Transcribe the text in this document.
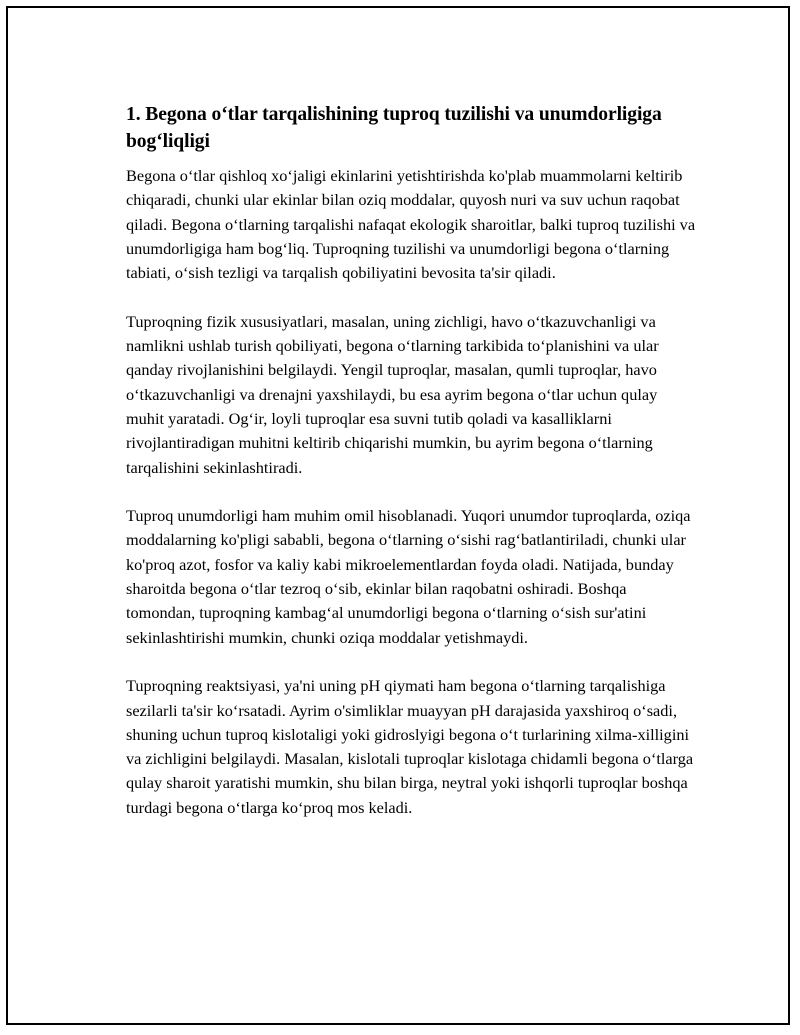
1. Begona o‘tlar tarqalishining tuproq tuzilishi va unumdorligiga bog‘liqligi

Begona o‘tlar qishloq xo‘jaligi ekinlarini yetishtirishda ko'plab muammolarni keltirib chiqaradi, chunki ular ekinlar bilan oziq moddalar, quyosh nuri va suv uchun raqobat qiladi. Begona o‘tlarning tarqalishi nafaqat ekologik sharoitlar, balki tuproq tuzilishi va unumdorligiga ham bog‘liq. Tuproqning tuzilishi va unumdorligi begona o‘tlarning tabiati, o‘sish tezligi va tarqalish qobiliyatini bevosita ta'sir qiladi.

Tuproqning fizik xususiyatlari, masalan, uning zichligi, havo o‘tkazuvchanligi va namlikni ushlab turish qobiliyati, begona o‘tlarning tarkibida to‘planishini va ular qanday rivojlanishini belgilaydi. Yengil tuproqlar, masalan, qumli tuproqlar, havo o‘tkazuvchanligi va drenajni yaxshilaydi, bu esa ayrim begona o‘tlar uchun qulay muhit yaratadi. Og‘ir, loyli tuproqlar esa suvni tutib qoladi va kasalliklarni rivojlantiradigan muhitni keltirib chiqarishi mumkin, bu ayrim begona o‘tlarning tarqalishini sekinlashtiradi.

Tuproq unumdorligi ham muhim omil hisoblanadi. Yuqori unumdor tuproqlarda, oziqa moddalarning ko'pligi sababli, begona o‘tlarning o‘sishi rag‘batlantiriladi, chunki ular ko'proq azot, fosfor va kaliy kabi mikroelementlardan foyda oladi. Natijada, bunday sharoitda begona o‘tlar tezroq o‘sib, ekinlar bilan raqobatni oshiradi. Boshqa tomondan, tuproqning kambag‘al unumdorligi begona o‘tlarning o‘sish sur'atini sekinlashtirishi mumkin, chunki oziqa moddalar yetishmaydi.

Tuproqning reaktsiyasi, ya'ni uning pH qiymati ham begona o‘tlarning tarqalishiga sezilarli ta'sir ko‘rsatadi. Ayrim o'simliklar muayyan pH darajasida yaxshiroq o‘sadi, shuning uchun tuproq kislotaligi yoki gidroslyigi begona o‘t turlarining xilma-xilligini va zichligini belgilaydi. Masalan, kislotali tuproqlar kislotaga chidamli begona o‘tlarga qulay sharoit yaratishi mumkin, shu bilan birga, neytral yoki ishqorli tuproqlar boshqa turdagi begona o‘tlarga ko‘proq mos keladi.
